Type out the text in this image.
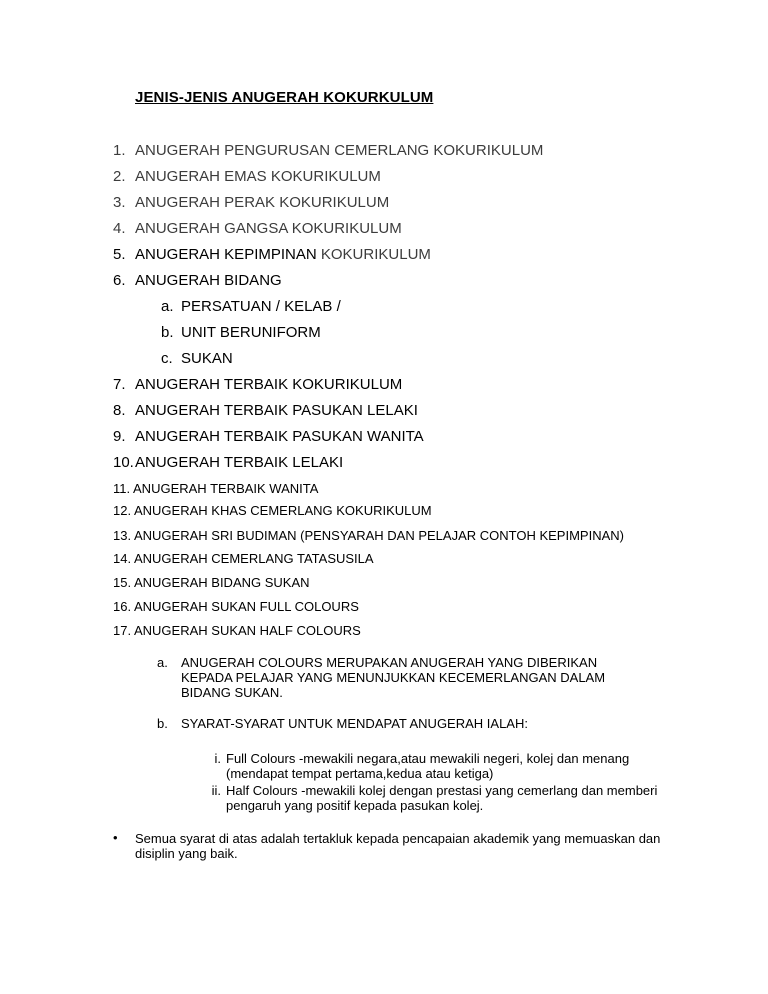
JENIS-JENIS ANUGERAH KOKURKULUM
1. ANUGERAH PENGURUSAN CEMERLANG KOKURIKULUM
2. ANUGERAH EMAS KOKURIKULUM
3. ANUGERAH PERAK KOKURIKULUM
4. ANUGERAH GANGSA KOKURIKULUM
5. ANUGERAH KEPIMPINAN KOKURIKULUM
6. ANUGERAH BIDANG
a. PERSATUAN / KELAB /
b. UNIT BERUNIFORM
c. SUKAN
7. ANUGERAH TERBAIK KOKURIKULUM
8. ANUGERAH TERBAIK PASUKAN LELAKI
9. ANUGERAH TERBAIK PASUKAN WANITA
10. ANUGERAH TERBAIK LELAKI
11. ANUGERAH TERBAIK WANITA
12. ANUGERAH KHAS CEMERLANG KOKURIKULUM
13. ANUGERAH SRI BUDIMAN (PENSYARAH DAN PELAJAR CONTOH KEPIMPINAN)
14. ANUGERAH CEMERLANG TATASUSILA
15. ANUGERAH BIDANG SUKAN
16. ANUGERAH SUKAN FULL COLOURS
17. ANUGERAH SUKAN HALF COLOURS
a. ANUGERAH COLOURS MERUPAKAN ANUGERAH YANG DIBERIKAN KEPADA PELAJAR YANG MENUNJUKKAN KECEMERLANGAN DALAM BIDANG SUKAN.
b. SYARAT-SYARAT UNTUK MENDAPAT ANUGERAH IALAH:
i. Full Colours -mewakili negara,atau mewakili negeri, kolej dan menang (mendapat tempat pertama,kedua atau ketiga)
ii. Half Colours -mewakili kolej dengan prestasi yang cemerlang dan memberi pengaruh yang positif kepada pasukan kolej.
• Semua syarat di atas adalah tertakluk kepada pencapaian akademik yang memuaskan dan disiplin yang baik.
